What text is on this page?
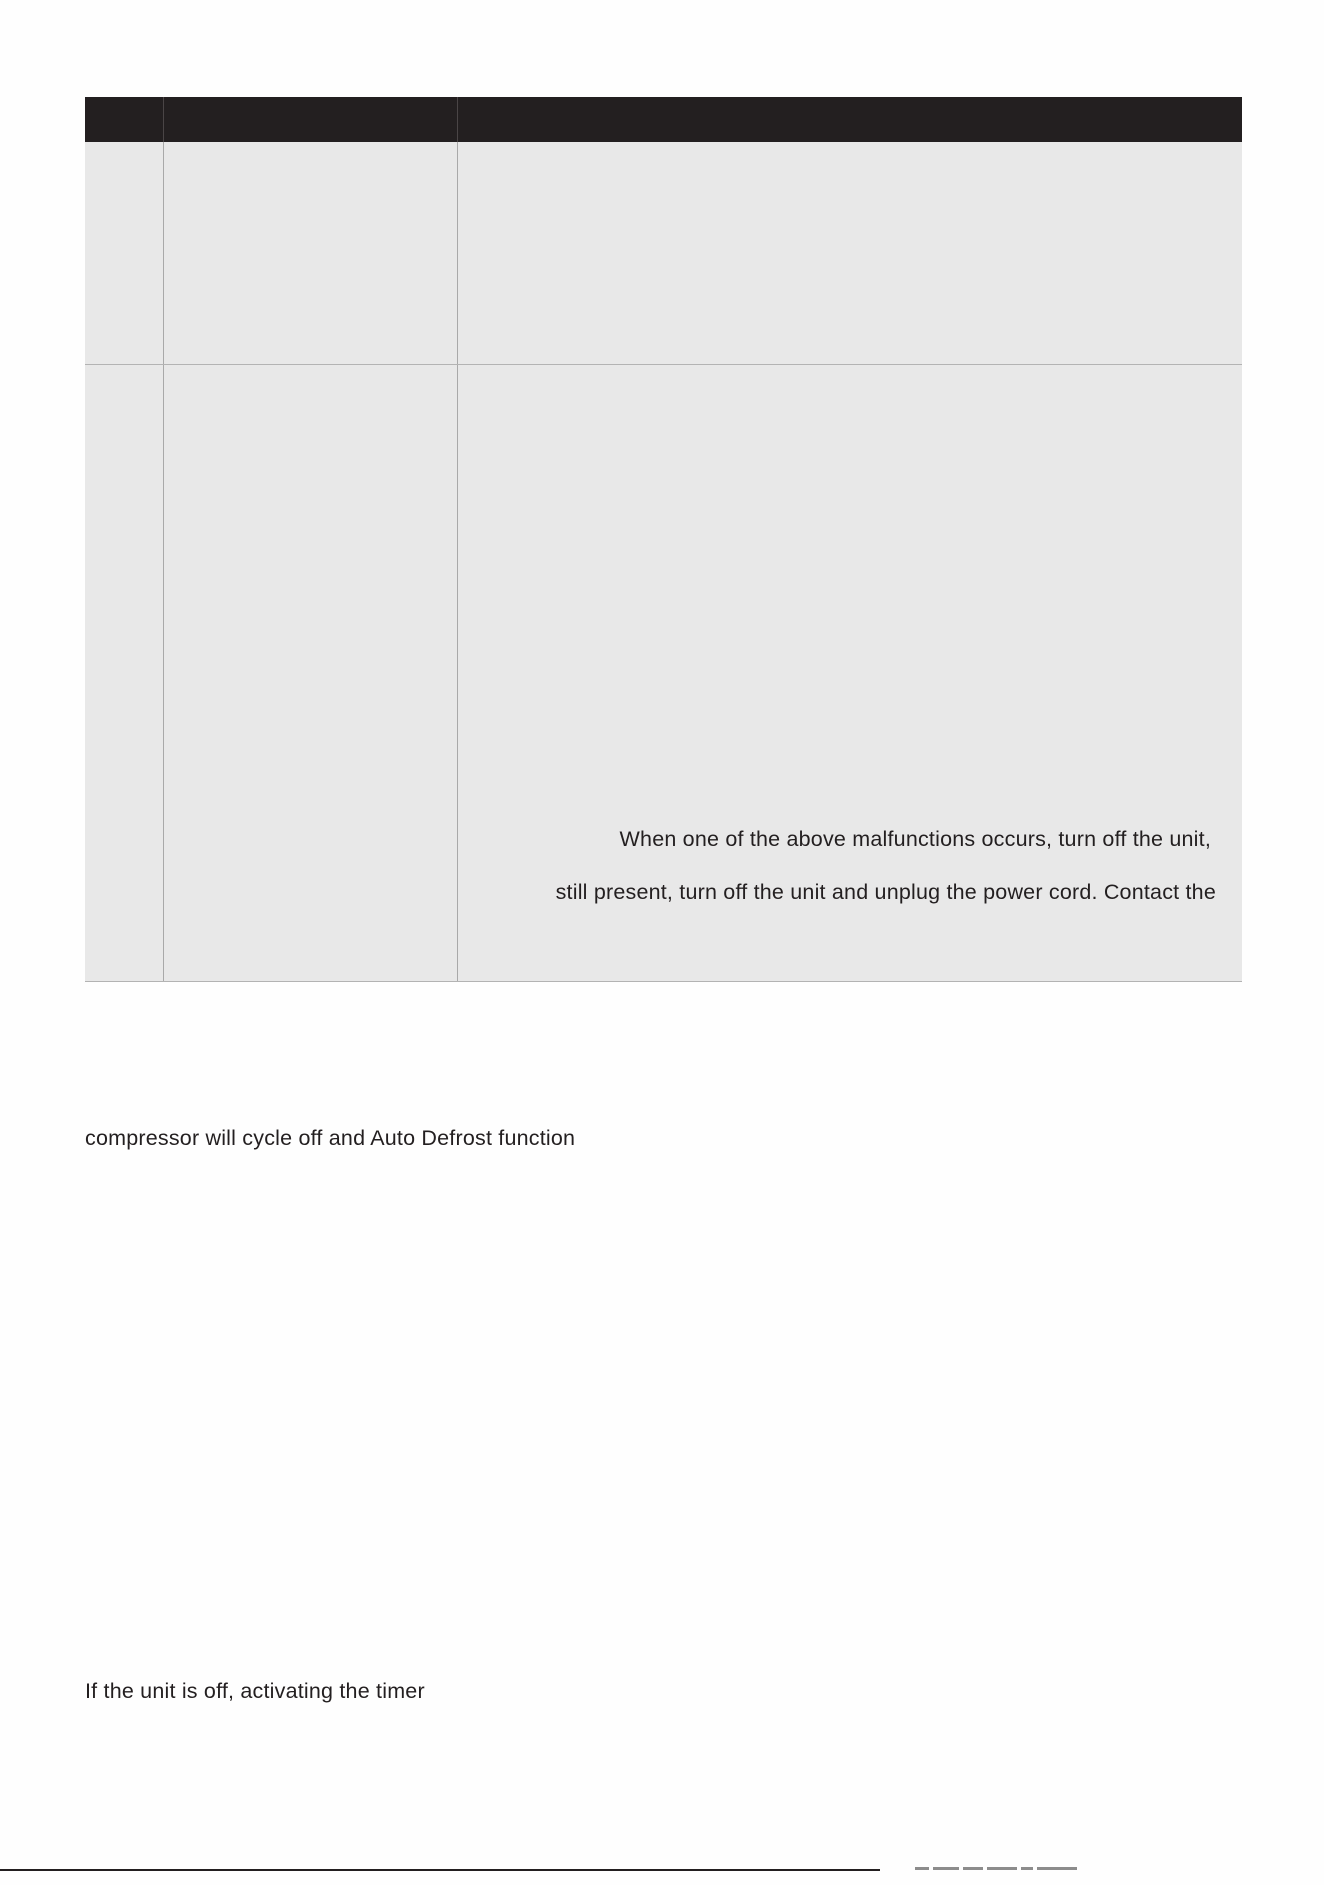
When one of the above malfunctions occurs, turn off the unit,
still present, turn off the unit and unplug the power cord. Contact the
compressor will cycle off and Auto Defrost function
If the unit is off, activating the timer
